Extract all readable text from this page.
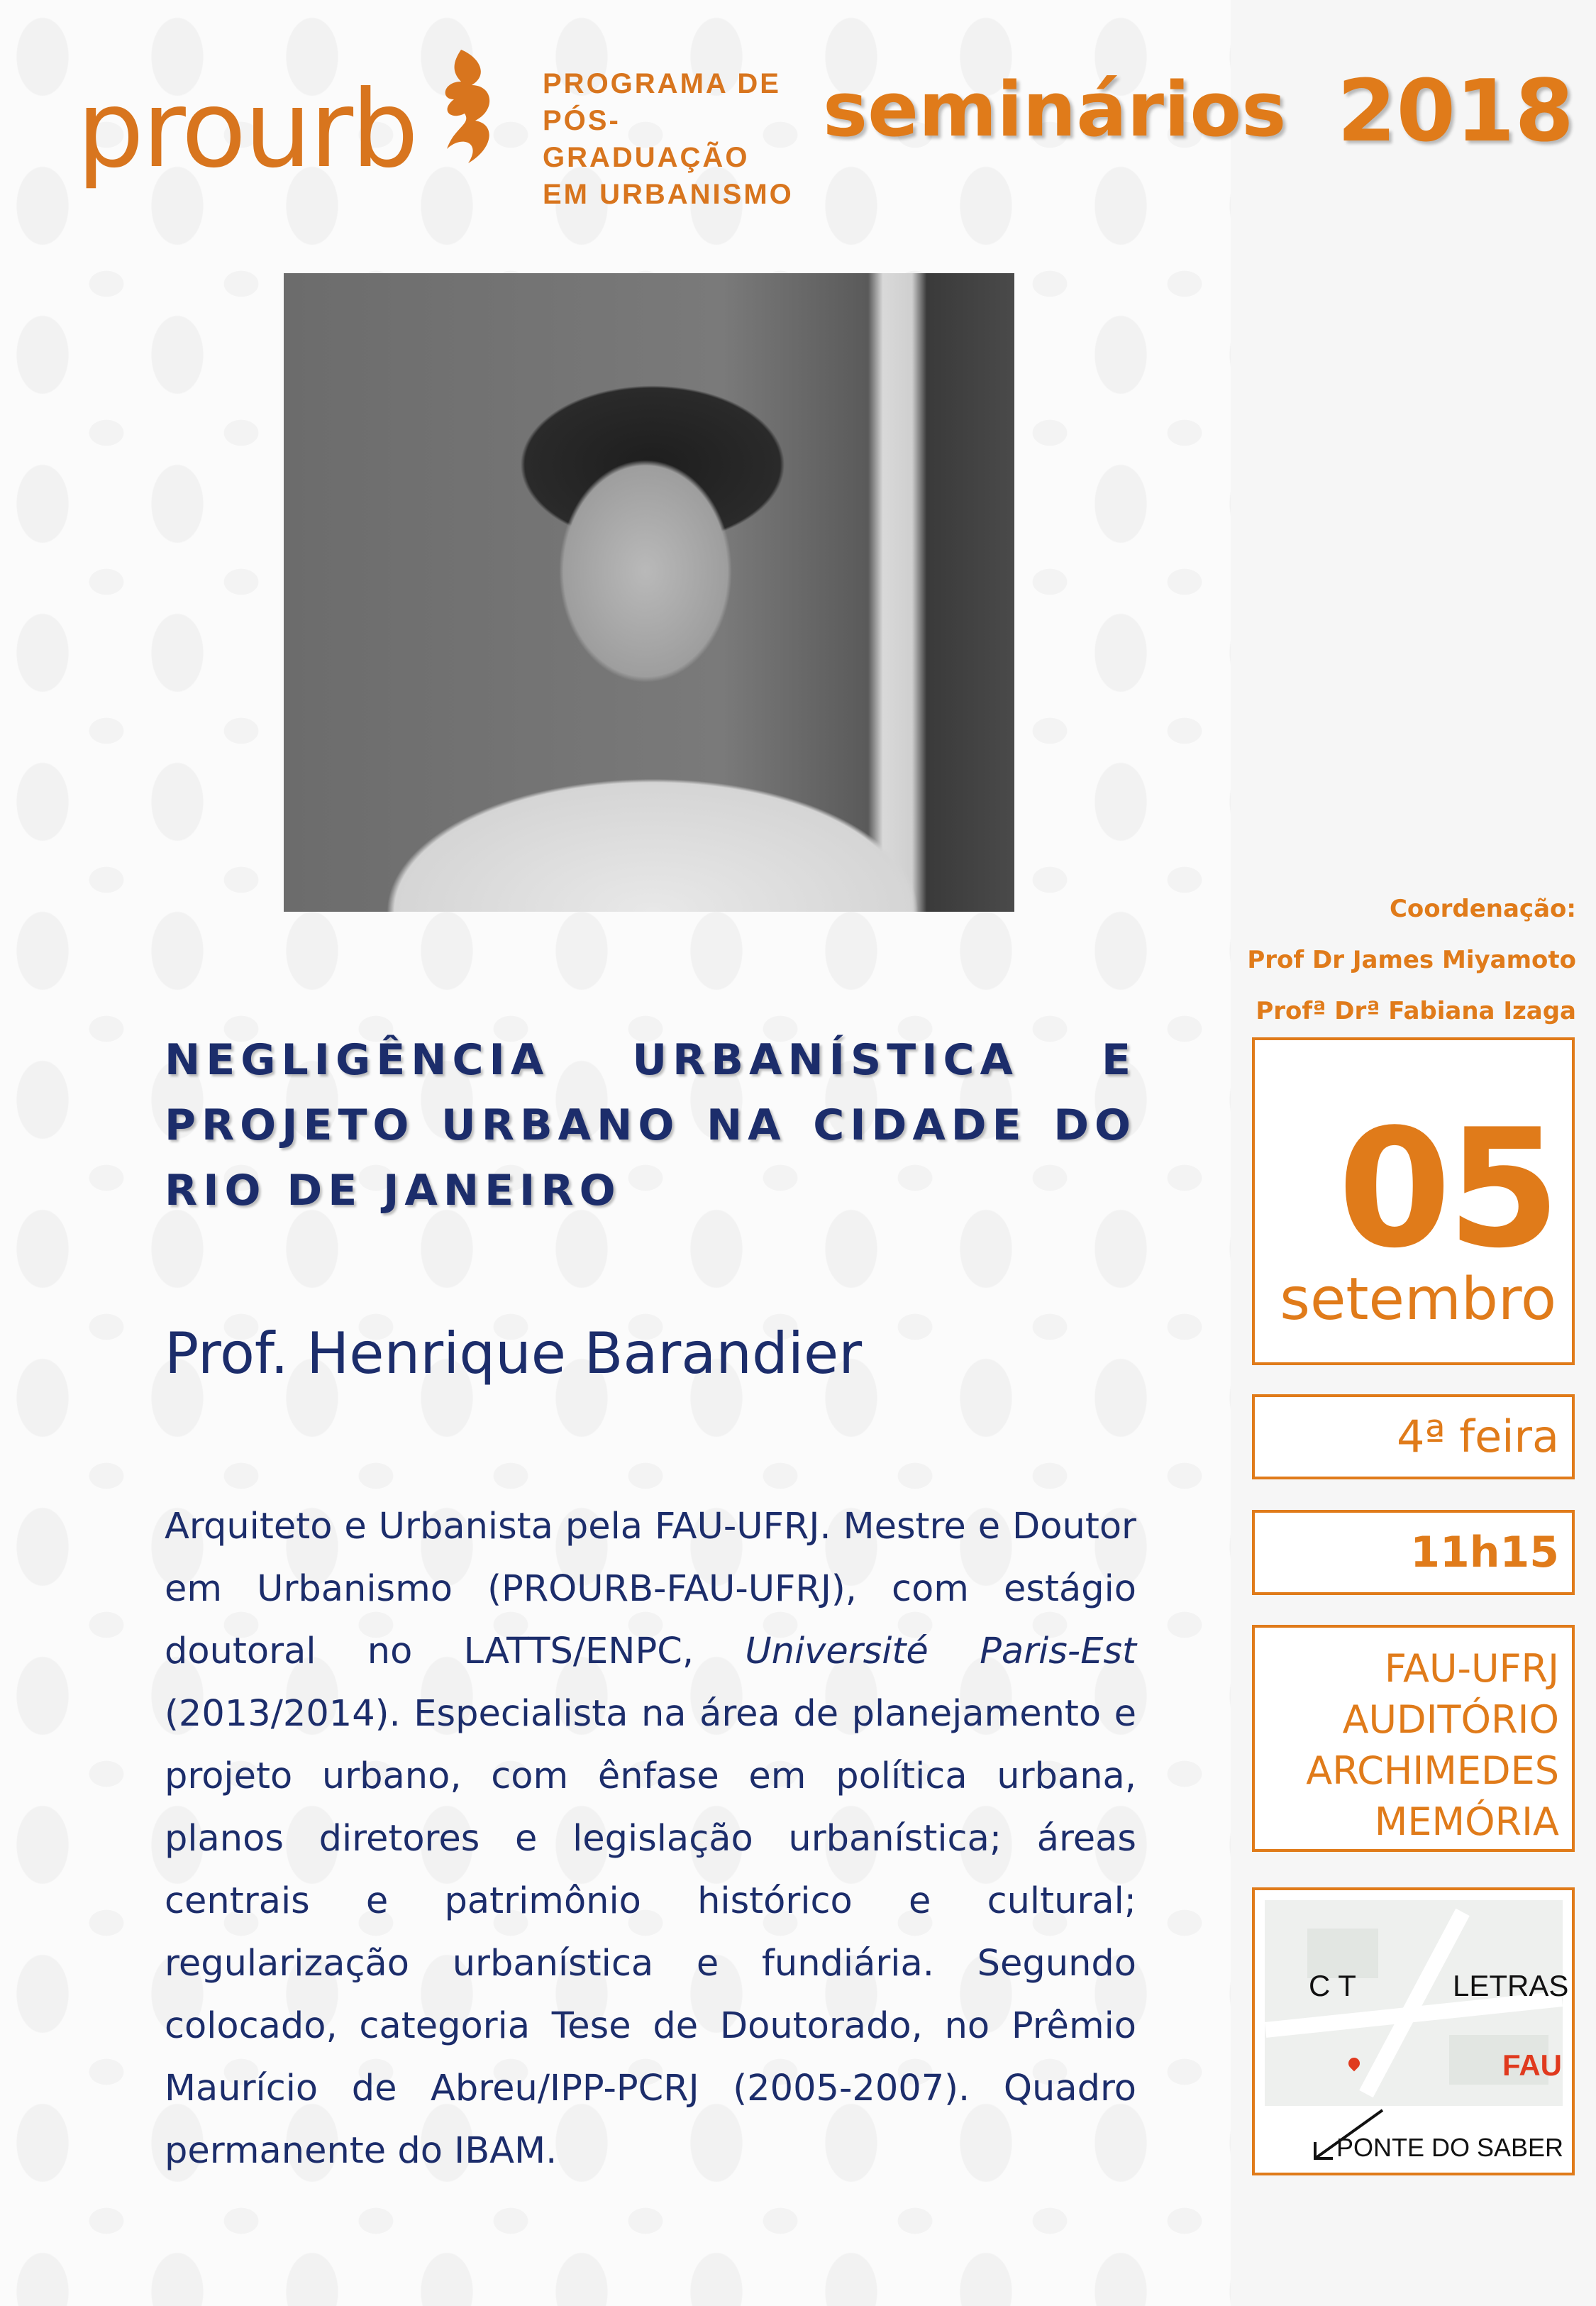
prourb	PROGRAMA DE
PÓS-GRADUAÇÃO
EM URBANISMO
seminários 2018
NEGLIGÊNCIA URBANÍSTICA E PROJETO URBANO NA CIDADE DO RIO DE JANEIRO
Prof. Henrique Barandier
Arquiteto e Urbanista pela FAU-UFRJ. Mestre e Doutor em Urbanismo (PROURB-FAU-UFRJ), com estágio doutoral no LATTS/ENPC, Université Paris-Est (2013/2014). Especialista na área de planejamento e projeto urbano, com ênfase em política urbana, planos diretores e legislação urbanística; áreas centrais e patrimônio histórico e cultural; regularização urbanística e fundiária. Segundo colocado, categoria Tese de Doutorado, no Prêmio Maurício de Abreu/IPP-PCRJ (2005-2007). Quadro permanente do IBAM.
Coordenação:
Prof Dr James Miyamoto
Profª Drª Fabiana Izaga
05
setembro
4ª feira
11h15
FAU-UFRJ
AUDITÓRIO
ARCHIMEDES
MEMÓRIA
C T	LETRAS
FAU
PONTE DO SABER
